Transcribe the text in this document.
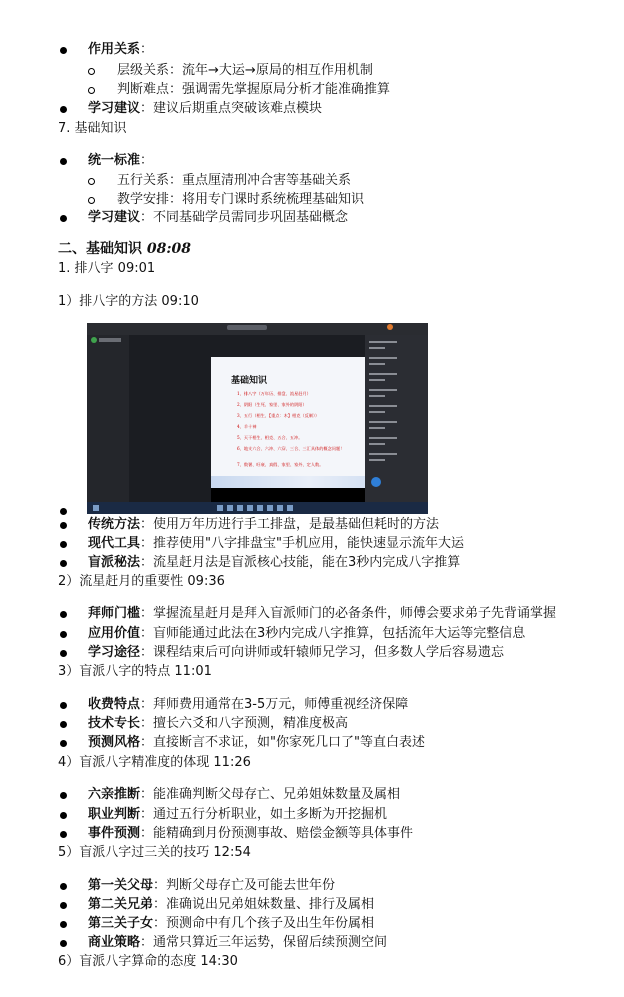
作用关系：
层级关系：流年→大运→原局的相互作用机制
判断难点：强调需先掌握原局分析才能准确推算
学习建议：建议后期重点突破该难点模块
7. 基础知识
统一标准：
五行关系：重点厘清刑冲合害等基础关系
教学安排：将用专门课时系统梳理基础知识
学习建议：不同基础学员需同步巩固基础概念
二、基础知识 08:08
1. 排八字 09:01
1）排八字的方法 09:10
基础知识
1、排八字（万年历、排盘、流星赶月）
2、阴阳（生死、家里、家外的阴阳）
3、五行（相生、【重点：木】相克（反制））
4、羊十神
5、天干相生、相克、五合、五冲。
6、地支六合、六冲、六穿、三合、三汇具体的概念问题！
7、数暑、旺衰、真假、家里、家外、定人数。
传统方法：使用万年历进行手工排盘，是最基础但耗时的方法
现代工具：推荐使用"八字排盘宝"手机应用，能快速显示流年大运
盲派秘法：流星赶月法是盲派核心技能，能在3秒内完成八字推算
2）流星赶月的重要性 09:36
拜师门槛：掌握流星赶月是拜入盲派师门的必备条件，师傅会要求弟子先背诵掌握
应用价值：盲师能通过此法在3秒内完成八字推算，包括流年大运等完整信息
学习途径：课程结束后可向讲师或轩辕师兄学习，但多数人学后容易遗忘
3）盲派八字的特点 11:01
收费特点：拜师费用通常在3-5万元，师傅重视经济保障
技术专长：擅长六爻和八字预测，精准度极高
预测风格：直接断言不求证，如"你家死几口了"等直白表述
4）盲派八字精准度的体现 11:26
六亲推断：能准确判断父母存亡、兄弟姐妹数量及属相
职业判断：通过五行分析职业，如土多断为开挖掘机
事件预测：能精确到月份预测事故、赔偿金额等具体事件
5）盲派八字过三关的技巧 12:54
第一关父母：判断父母存亡及可能去世年份
第二关兄弟：准确说出兄弟姐妹数量、排行及属相
第三关子女：预测命中有几个孩子及出生年份属相
商业策略：通常只算近三年运势，保留后续预测空间
6）盲派八字算命的态度 14:30
